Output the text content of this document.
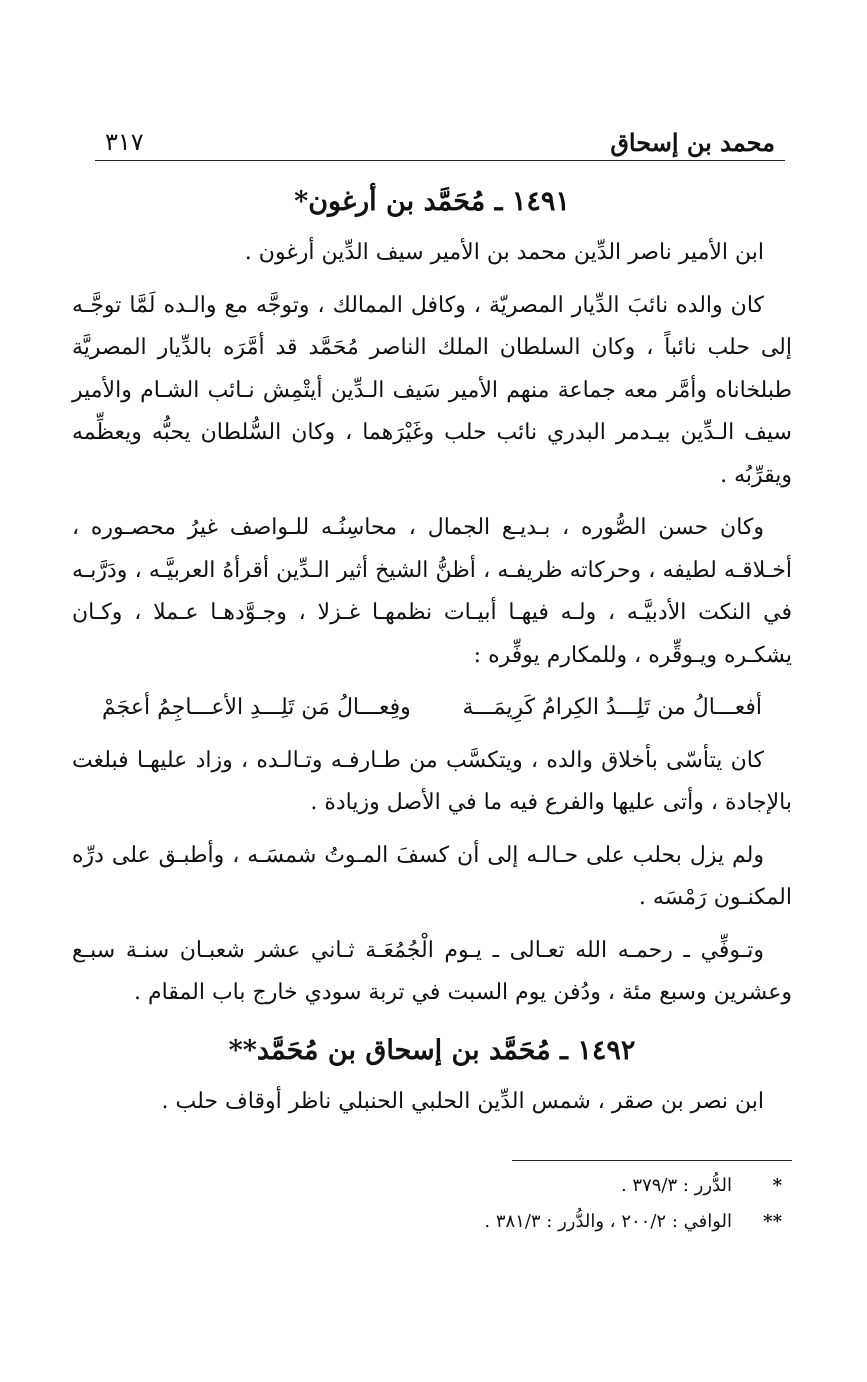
محمد بن إسحاق
٣١٧
١٤٩١ ـ مُحَمَّد بن أرغون*

ابن الأمير ناصر الدِّين محمد بن الأمير سيف الدِّين أرغون .

كان والده نائبَ الدِّيار المصريّة ، وكافل الممالك ، وتوجَّه مع والـده لَمَّا توجَّـه إلى حلب نائباً ، وكان السلطان الملك الناصر مُحَمَّد قد أمَّرَه بالدِّيار المصريَّة طبلخاناه وأمَّر معه جماعة منهم الأمير سَيف الـدِّين أيتْمِش نـائب الشـام والأمير سيف الـدِّين بيـدمر البدري نائب حلب وغَيْرَهما ، وكان السُّلطان يحبُّه ويعظِّمه ويقرِّبُه .

وكان حسن الصُّوره ، بـديـع الجمال ، محاسِنُـه للـواصف غيرُ محصـوره ، أخـلاقـه لطيفه ، وحركاته ظريفـه ، أظنُّ الشيخ أثير الـدِّين أقرأهُ العربيَّـه ، ودَرَّبـه في النكت الأدبيَّـه ، ولـه فيهـا أبيـات نظمهـا غـزلا ، وجـوَّدهـا عـملا ، وكـان يشكـره ويـوقِّره ، وللمكارم يوفِّره :

أفعـــالُ من تَلِـــدُ الكِرامُ كَرِيمَـــة
وفِعـــالُ مَن تَلِـــدِ الأعـــاجِمُ أعجَمْ

كان يتأسّى بأخلاق والده ، ويتكسَّب من طـارفـه وتـالـده ، وزاد عليهـا فبلغت بالإجادة ، وأتى عليها والفرع فيه ما في الأصل وزيادة .

ولم يزل بحلب على حـالـه إلى أن كسفَ المـوتُ شمسَـه ، وأطبـق على درِّه المكنـون رَمْسَه .

وتـوفِّي ـ رحمـه الله تعـالى ـ يـوم الْجُمُعَـة ثـاني عشر شعبـان سنـة سبـع وعشرين وسبع مئة ، ودُفن يوم السبت في تربة سودي خارج باب المقام .

١٤٩٢ ـ مُحَمَّد بن إسحاق بن مُحَمَّد**

ابن نصر بن صقر ، شمس الدِّين الحلبي الحنبلي ناظر أوقاف حلب .

*
الدُّرر : ٣٧٩/٣ .
**
الوافي : ٢٠٠/٢ ، والدُّرر : ٣٨١/٣ .
